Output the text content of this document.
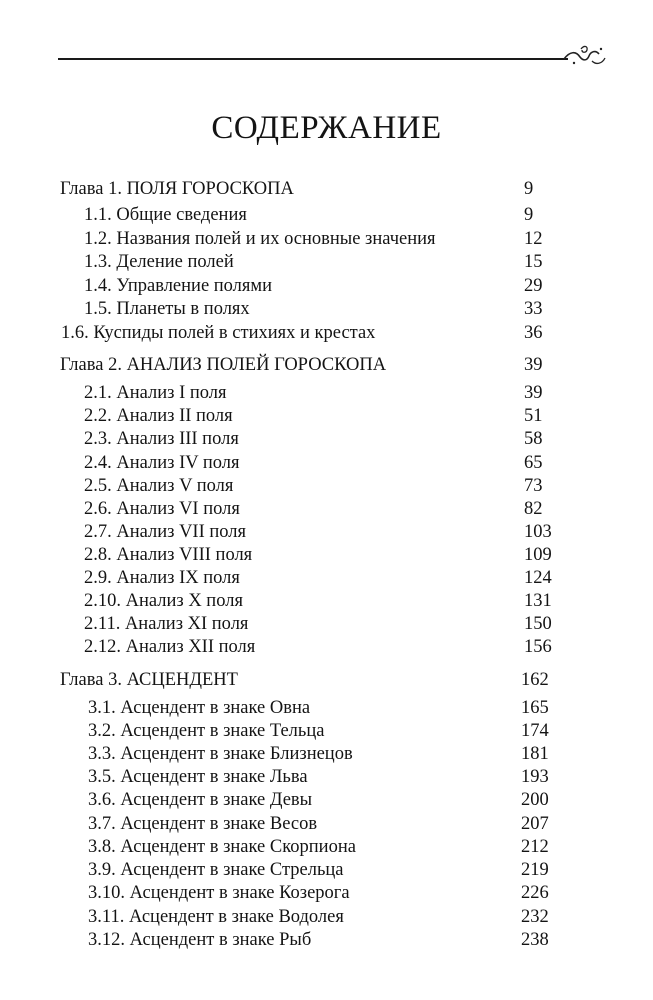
СОДЕРЖАНИЕ
Глава 1. ПОЛЯ ГОРОСКОПА	9
1.1. Общие сведения	9
1.2. Названия полей и их основные значения	12
1.3. Деление полей	15
1.4. Управление полями	29
1.5. Планеты в полях	33
1.6. Куспиды полей в стихиях и крестах	36
Глава 2. АНАЛИЗ ПОЛЕЙ ГОРОСКОПА	39
2.1. Анализ I поля	39
2.2. Анализ II поля	51
2.3. Анализ III поля	58
2.4. Анализ IV поля	65
2.5. Анализ V поля	73
2.6. Анализ VI поля	82
2.7. Анализ VII поля	103
2.8. Анализ VIII поля	109
2.9. Анализ IX поля	124
2.10. Анализ X поля	131
2.11. Анализ XI поля	150
2.12. Анализ XII поля	156
Глава 3. АСЦЕНДЕНТ	162
3.1. Асцендент в знаке Овна	165
3.2. Асцендент в знаке Тельца	174
3.3. Асцендент в знаке Близнецов	181
3.5. Асцендент в знаке Льва	193
3.6. Асцендент в знаке Девы	200
3.7. Асцендент в знаке Весов	207
3.8. Асцендент в знаке Скорпиона	212
3.9. Асцендент в знаке Стрельца	219
3.10. Асцендент в знаке Козерога	226
3.11. Асцендент в знаке Водолея	232
3.12. Асцендент в знаке Рыб	238
